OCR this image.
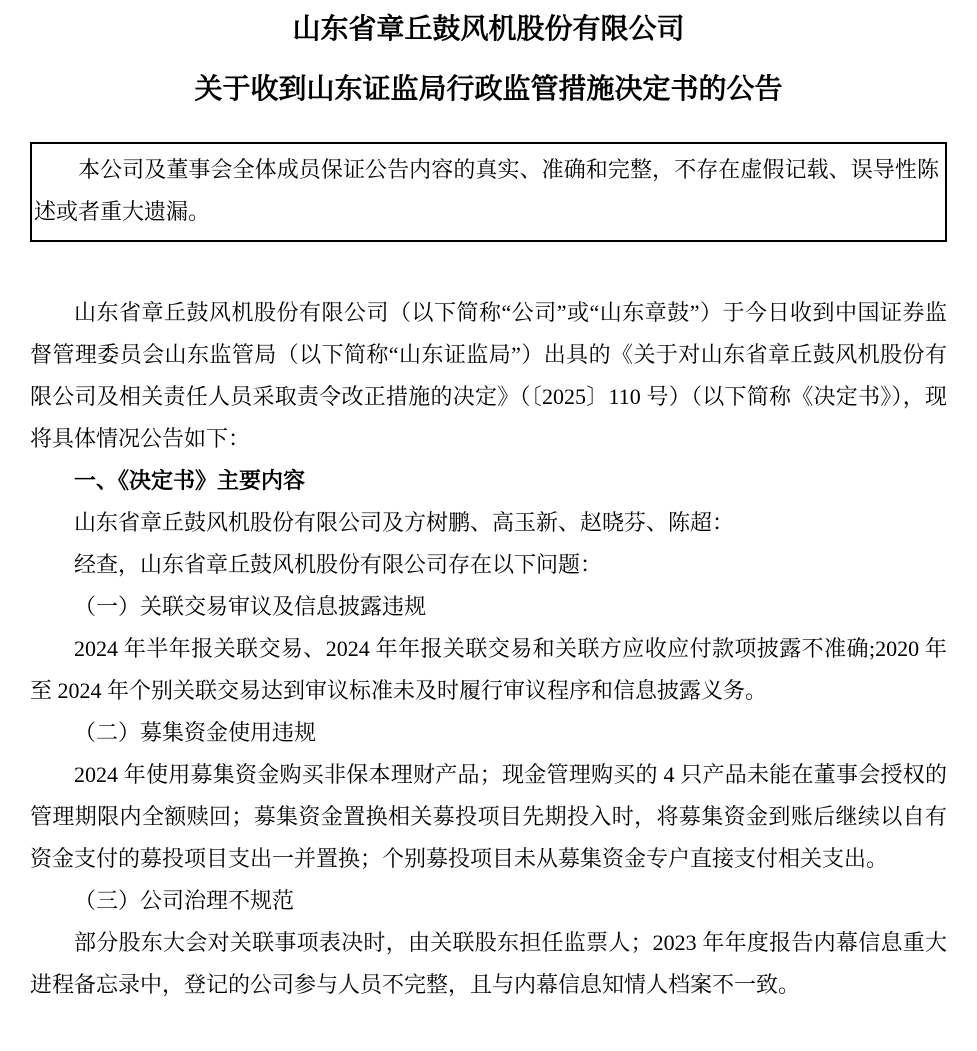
山东省章丘鼓风机股份有限公司
关于收到山东证监局行政监管措施决定书的公告

本公司及董事会全体成员保证公告内容的真实、准确和完整，不存在虚假记载、误导性陈述或者重大遗漏。

山东省章丘鼓风机股份有限公司（以下简称“公司”或“山东章鼓”）于今日收到中国证券监督管理委员会山东监管局（以下简称“山东证监局”）出具的《关于对山东省章丘鼓风机股份有限公司及相关责任人员采取责令改正措施的决定》（〔2025〕110 号）（以下简称《决定书》），现将具体情况公告如下：

一、《决定书》主要内容

山东省章丘鼓风机股份有限公司及方树鹏、高玉新、赵晓芬、陈超：

经查，山东省章丘鼓风机股份有限公司存在以下问题：

（一）关联交易审议及信息披露违规

2024 年半年报关联交易、2024 年年报关联交易和关联方应收应付款项披露不准确;2020 年至 2024 年个别关联交易达到审议标准未及时履行审议程序和信息披露义务。

（二）募集资金使用违规

2024 年使用募集资金购买非保本理财产品；现金管理购买的 4 只产品未能在董事会授权的管理期限内全额赎回；募集资金置换相关募投项目先期投入时，将募集资金到账后继续以自有资金支付的募投项目支出一并置换；个别募投项目未从募集资金专户直接支付相关支出。

（三）公司治理不规范

部分股东大会对关联事项表决时，由关联股东担任监票人；2023 年年度报告内幕信息重大进程备忘录中，登记的公司参与人员不完整，且与内幕信息知情人档案不一致。
